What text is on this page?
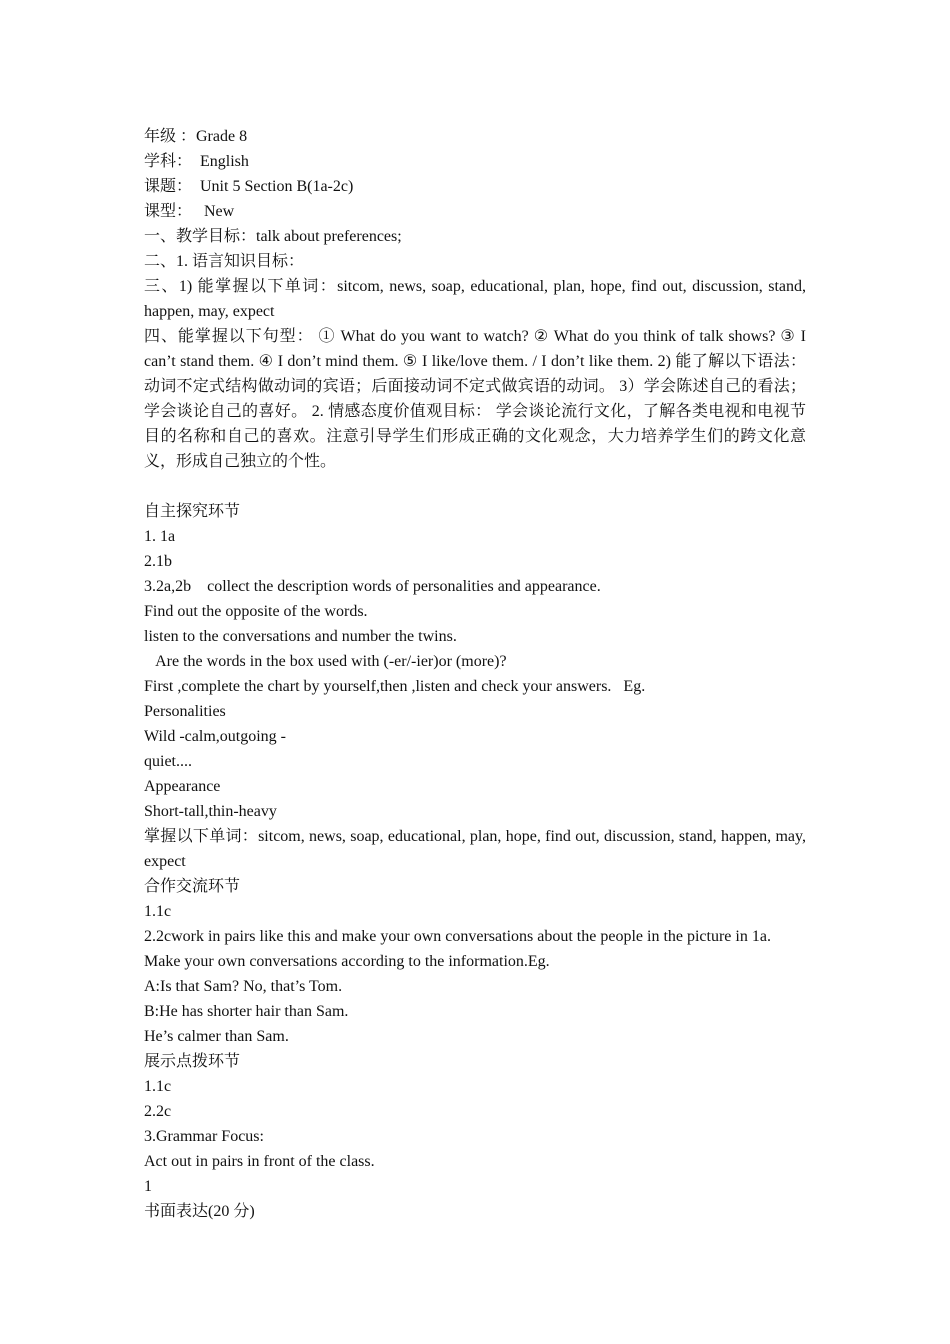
年级 ：Grade 8
学科：  English
课题：  Unit 5 Section B(1a-2c)
课型：   New
一、教学目标：talk about preferences;
二、1. 语言知识目标：
三、1) 能掌握以下单词：sitcom, news, soap, educational, plan, hope, find out, discussion, stand, happen, may, expect
四、能掌握以下句型： ① What do you want to watch? ② What do you think of talk shows? ③ I can’t stand them. ④ I don’t mind them. ⑤ I like/love them. / I don’t like them. 2) 能了解以下语法： 动词不定式结构做动词的宾语；后面接动词不定式做宾语的动词。 3）学会陈述自己的看法；学会谈论自己的喜好。 2. 情感态度价值观目标： 学会谈论流行文化，了解各类电视和电视节目的名称和自己的喜欢。注意引导学生们形成正确的文化观念，大力培养学生们的跨文化意义，形成自己独立的个性。
自主探究环节
1. 1a
2.1b
3.2a,2b    collect the description words of personalities and appearance.
Find out the opposite of the words.
listen to the conversations and number the twins.
Are the words in the box used with (-er/-ier)or (more)?
First ,complete the chart by yourself,then ,listen and check your answers.   Eg.
Personalities
Wild -calm,outgoing -
quiet....
Appearance
Short-tall,thin-heavy
掌握以下单词：sitcom, news, soap, educational, plan, hope, find out, discussion, stand, happen, may, expect
合作交流环节
1.1c
2.2cwork in pairs like this and make your own conversations about the people in the picture in 1a.
Make your own conversations according to the information.Eg.
A:Is that Sam? No, that’s Tom.
B:He has shorter hair than Sam.
He’s calmer than Sam.
展示点拨环节
1.1c
2.2c
3.Grammar Focus:
Act out in pairs in front of the class.
1
书面表达(20 分)
